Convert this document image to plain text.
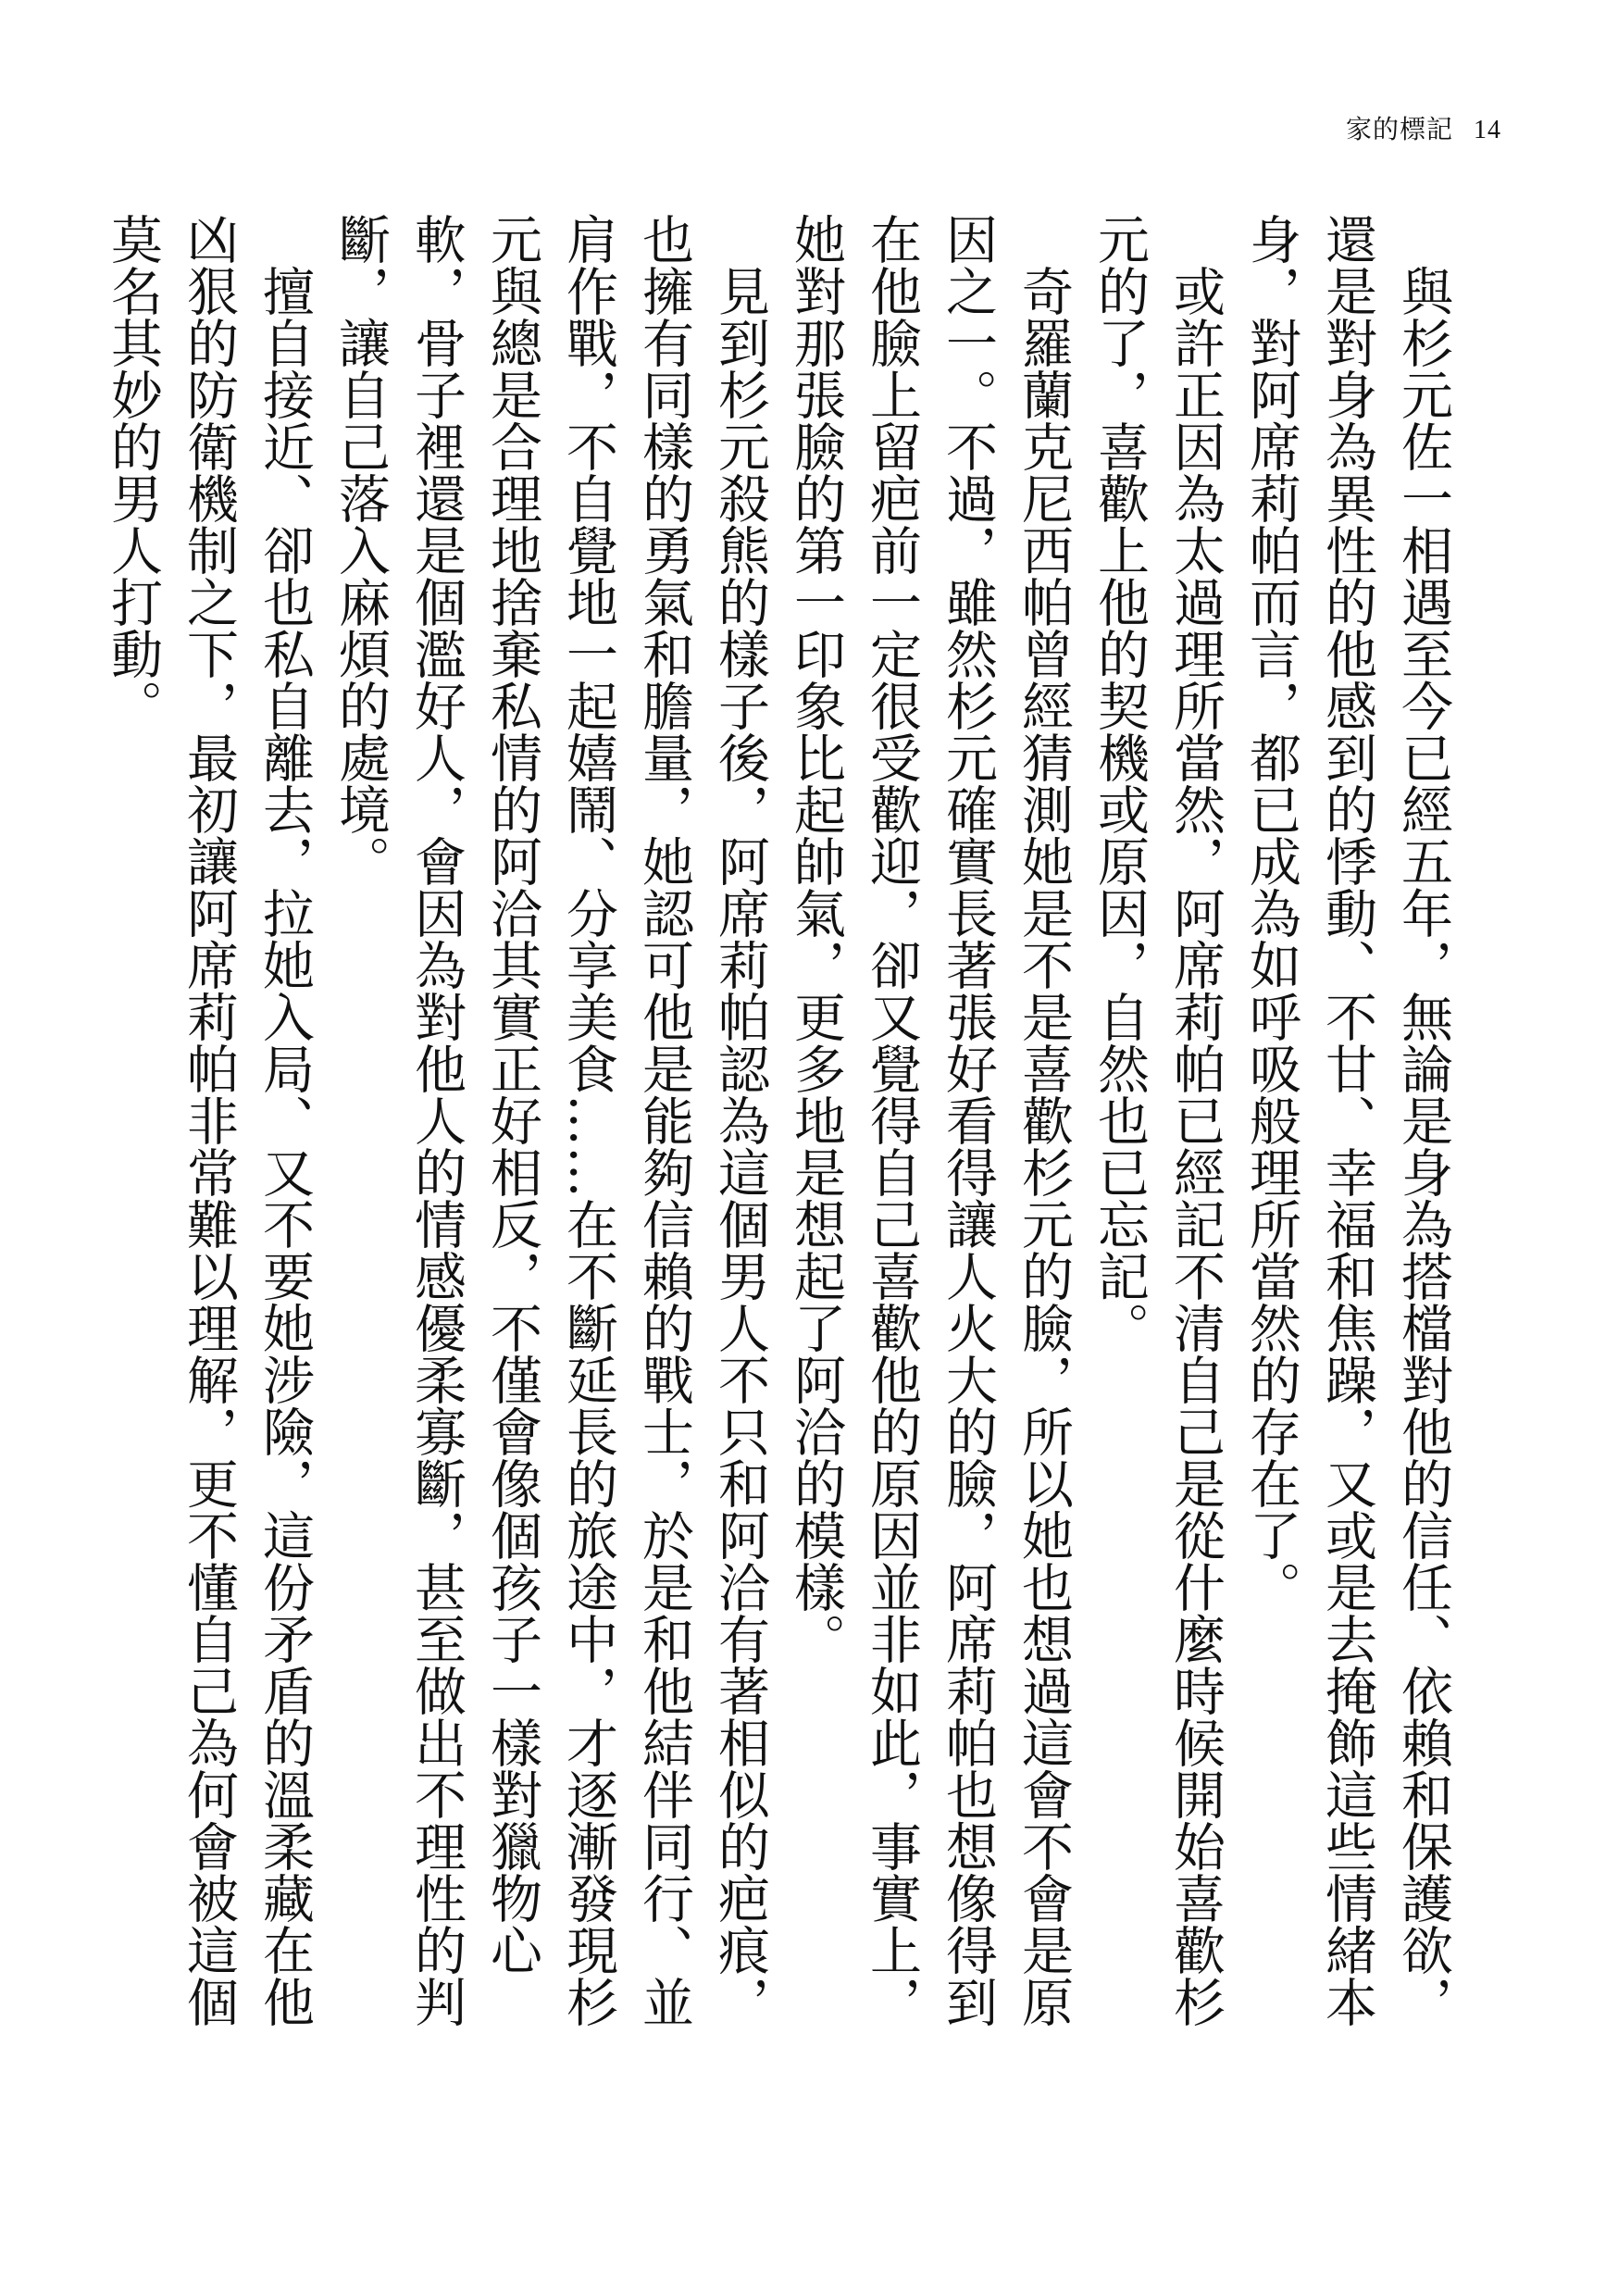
家的標記 14

與杉元佐一相遇至今已經五年，無論是身為搭檔對他的信任、依賴和保護欲，還是對身為異性的他感到的悸動、不甘、幸福和焦躁，又或是去掩飾這些情緒本身，對阿席莉帕而言，都已成為如呼吸般理所當然的存在了。

或許正因為太過理所當然，阿席莉帕已經記不清自己是從什麼時候開始喜歡杉元的了，喜歡上他的契機或原因，自然也已忘記。

奇羅蘭克尼西帕曾經猜測她是不是喜歡杉元的臉，所以她也想過這會不會是原因之一。不過，雖然杉元確實長著張好看得讓人火大的臉，阿席莉帕也想像得到在他臉上留疤前一定很受歡迎，卻又覺得自己喜歡他的原因並非如此，事實上，她對那張臉的第一印象比起帥氣，更多地是想起了阿洽的模樣。

見到杉元殺熊的樣子後，阿席莉帕認為這個男人不只和阿洽有著相似的疤痕，也擁有同樣的勇氣和膽量，她認可他是能夠信賴的戰士，於是和他結伴同行、並肩作戰，不自覺地一起嬉鬧、分享美食……在不斷延長的旅途中，才逐漸發現杉元與總是合理地捨棄私情的阿洽其實正好相反，不僅會像個孩子一樣對獵物心軟，骨子裡還是個濫好人，會因為對他人的情感優柔寡斷，甚至做出不理性的判斷，讓自己落入麻煩的處境。

擅自接近、卻也私自離去，拉她入局、又不要她涉險，這份矛盾的溫柔藏在他凶狠的防衛機制之下，最初讓阿席莉帕非常難以理解，更不懂自己為何會被這個莫名其妙的男人打動。
